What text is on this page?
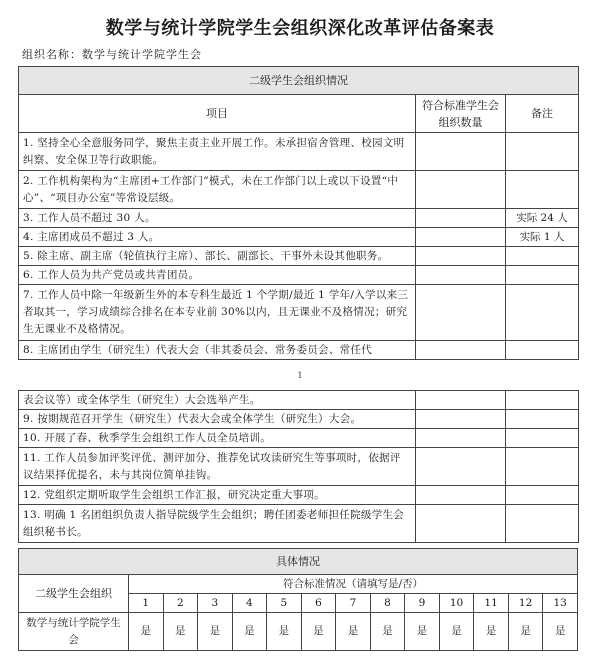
数学与统计学院学生会组织深化改革评估备案表
组织名称：数学与统计学院学生会
二级学生会组织情况		
项目	符合标准学生会组织数量	备注
1. 坚持全心全意服务同学，聚焦主责主业开展工作。未承担宿舍管理、校园文明纠察、安全保卫等行政职能。		
2. 工作机构架构为“主席团+工作部门”模式，未在工作部门以上或以下设置“中心”、“项目办公室”等常设层级。		
3. 工作人员不超过 30 人。		实际 24 人
4. 主席团成员不超过 3 人。		实际 1 人
5. 除主席、副主席（轮值执行主席）、部长、副部长、干事外未设其他职务。		
6. 工作人员为共产党员或共青团员。		
7. 工作人员中除一年级新生外的本专科生最近 1 个学期/最近 1 学年/入学以来三者取其一，学习成绩综合排名在本专业前 30%以内，且无课业不及格情况；研究生无课业不及格情况。		
8. 主席团由学生（研究生）代表大会（非其委员会、常务委员会、常任代		
1
表会议等）或全体学生（研究生）大会选举产生。		
9. 按期规范召开学生（研究生）代表大会或全体学生（研究生）大会。		
10. 开展了春、秋季学生会组织工作人员全员培训。		
11. 工作人员参加评奖评优、测评加分、推荐免试攻读研究生等事项时，依据评议结果择优提名，未与其岗位简单挂钩。		
12. 党组织定期听取学生会组织工作汇报，研究决定重大事项。		
13. 明确 1 名团组织负责人指导院级学生会组织；聘任团委老师担任院级学生会组织秘书长。		
具体情况													
二级学生会组织	符合标准情况（请填写是/否）												
	1	2	3	4	5	6	7	8	9	10	11	12	13
数学与统计学院学生会	是	是	是	是	是	是	是	是	是	是	是	是	是
